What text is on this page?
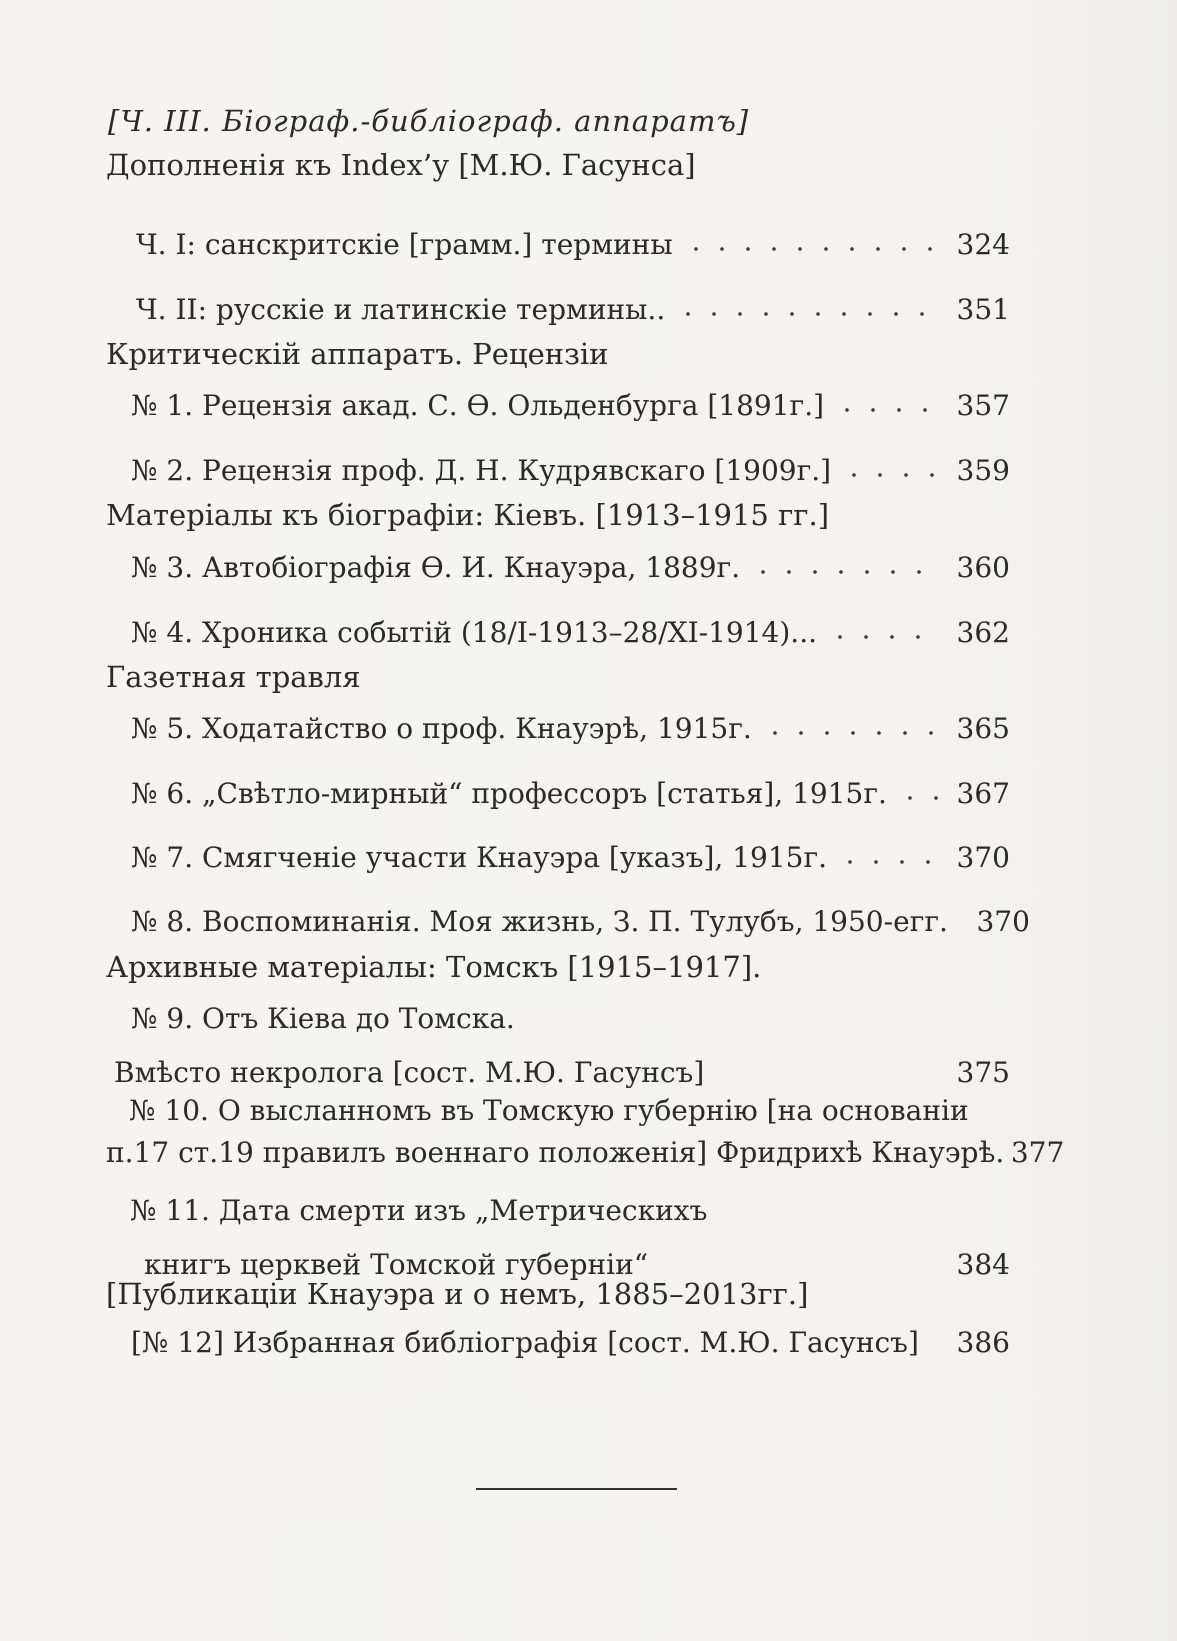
[Ч. III. Біограф.-библіограф. аппаратъ]
Дополненія къ Index’у [М.Ю. Гасунса]
Ч. I: санскритскіе [грамм.] термины	324
Ч. II: русскіе и латинскіе термины..	351
Критическій аппаратъ. Рецензіи
№ 1. Рецензія акад. С. Ѳ. Ольденбурга [1891г.]	357
№ 2. Рецензія проф. Д. Н. Кудрявскаго [1909г.]	359
Матеріалы къ біографіи: Кіевъ. [1913–1915 гг.]
№ 3. Автобіографія Ѳ. И. Кнауэра, 1889г.	360
№ 4. Хроника событій (18/I-1913–28/XI-1914)...	362
Газетная травля
№ 5. Ходатайство о проф. Кнауэрѣ, 1915г.	365
№ 6. „Свѣтло-мирный“ профессоръ [статья], 1915г. 367
№ 7. Смягченіе участи Кнауэра [указъ], 1915г.	370
№ 8. Воспоминанія. Моя жизнь, З. П. Тулубъ, 1950-егг. 370
Архивные матеріалы: Томскъ [1915–1917].
№ 9. Отъ Кіева до Томска.
Вмѣсто некролога [сост. М.Ю. Гасунсъ]	375
№ 10. О высланномъ въ Томскую губернію [на основаніи
п.17 ст.19 правилъ военнаго положенія] Фридрихѣ Кнауэрѣ. 377
№ 11. Дата смерти изъ „Метрическихъ
книгъ церквей Томской губерніи“	384
[Публикаціи Кнауэра и о немъ, 1885–2013гг.]
[№ 12] Избранная библіографія [сост. М.Ю. Гасунсъ] 386
